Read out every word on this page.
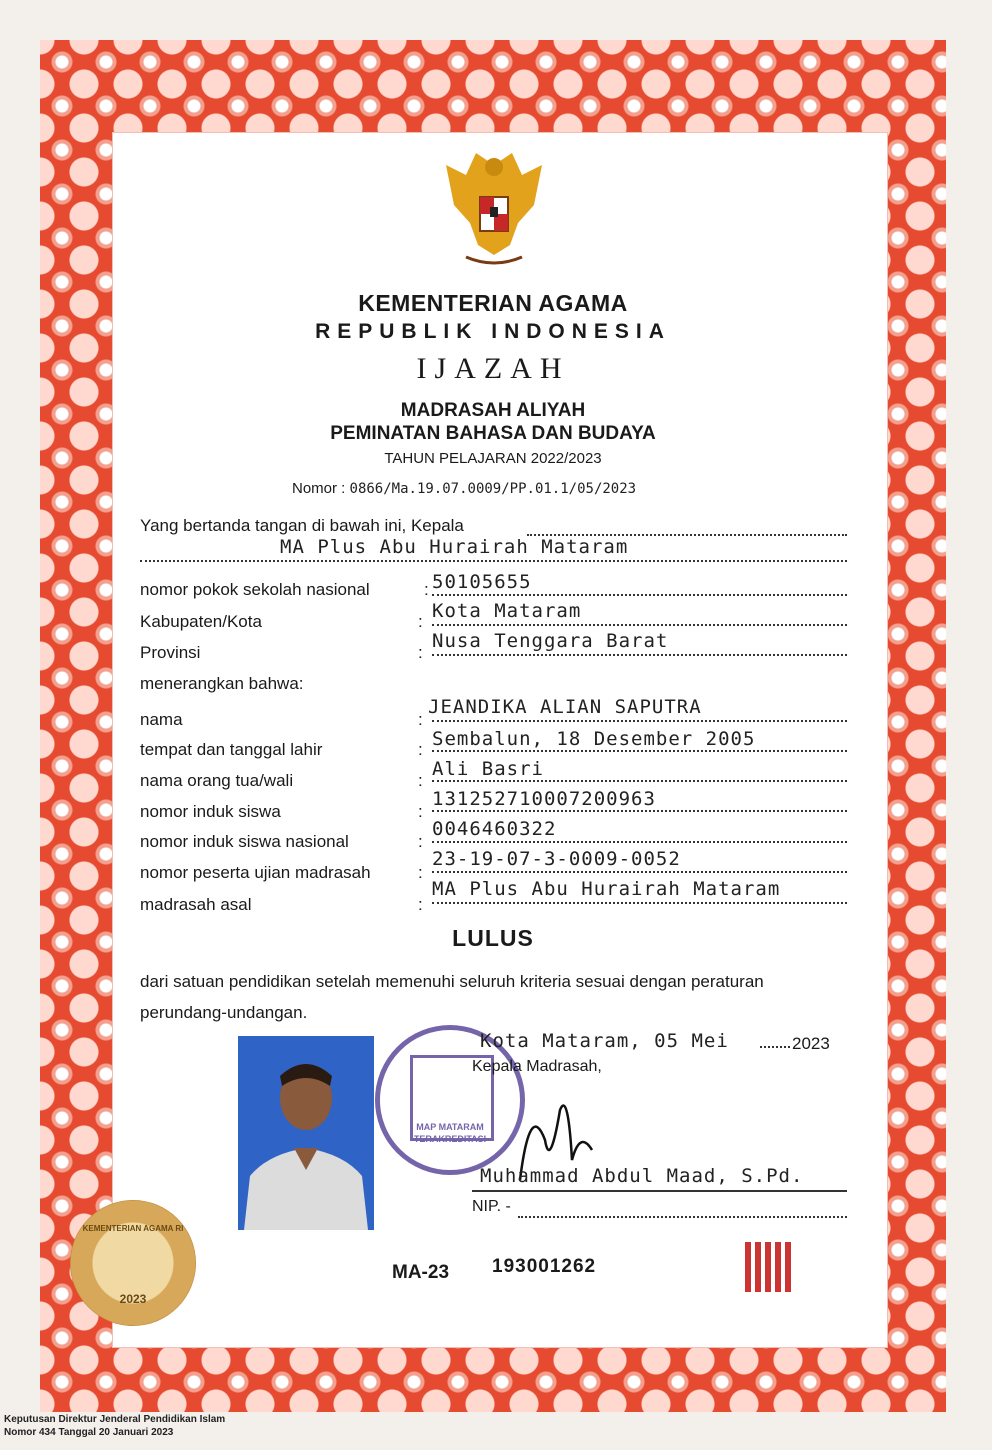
KEMENTERIAN AGAMA
REPUBLIK INDONESIA
IJAZAH
MADRASAH ALIYAH
PEMINATAN BAHASA DAN BUDAYA
TAHUN PELAJARAN 2022/2023
Nomor : 0866/Ma.19.07.0009/PP.01.1/05/2023
Yang bertanda tangan di bawah ini, Kepala
MA Plus Abu Hurairah Mataram
nomor pokok sekolah nasional	: 50105655
Kabupaten/Kota	: Kota Mataram
Provinsi	:
Nusa Tenggara Barat
menerangkan bahwa:
nama	:
JEANDIKA ALIAN SAPUTRA
tempat dan tanggal lahir	: Sembalun, 18 Desember 2005
nama orang tua/wali	:
Ali Basri
nomor induk siswa	:
131252710007200963
nomor induk siswa nasional	:
0046460322
nomor peserta ujian madrasah	:
23-19-07-3-0009-0052
madrasah asal	:
MA Plus Abu Hurairah Mataram
LULUS
dari satuan pendidikan setelah memenuhi seluruh kriteria sesuai dengan peraturan perundang-undangan.
MAP MATARAM
TERAKREDITASI
Kota Mataram, 05 Mei	2023
Kepala Madrasah,
Muhammad Abdul Maad, S.Pd.
NIP. -
MA-23 193001262
KEMENTERIAN AGAMA RI
2023
Keputusan Direktur Jenderal Pendidikan Islam
Nomor 434 Tanggal 20 Januari 2023
